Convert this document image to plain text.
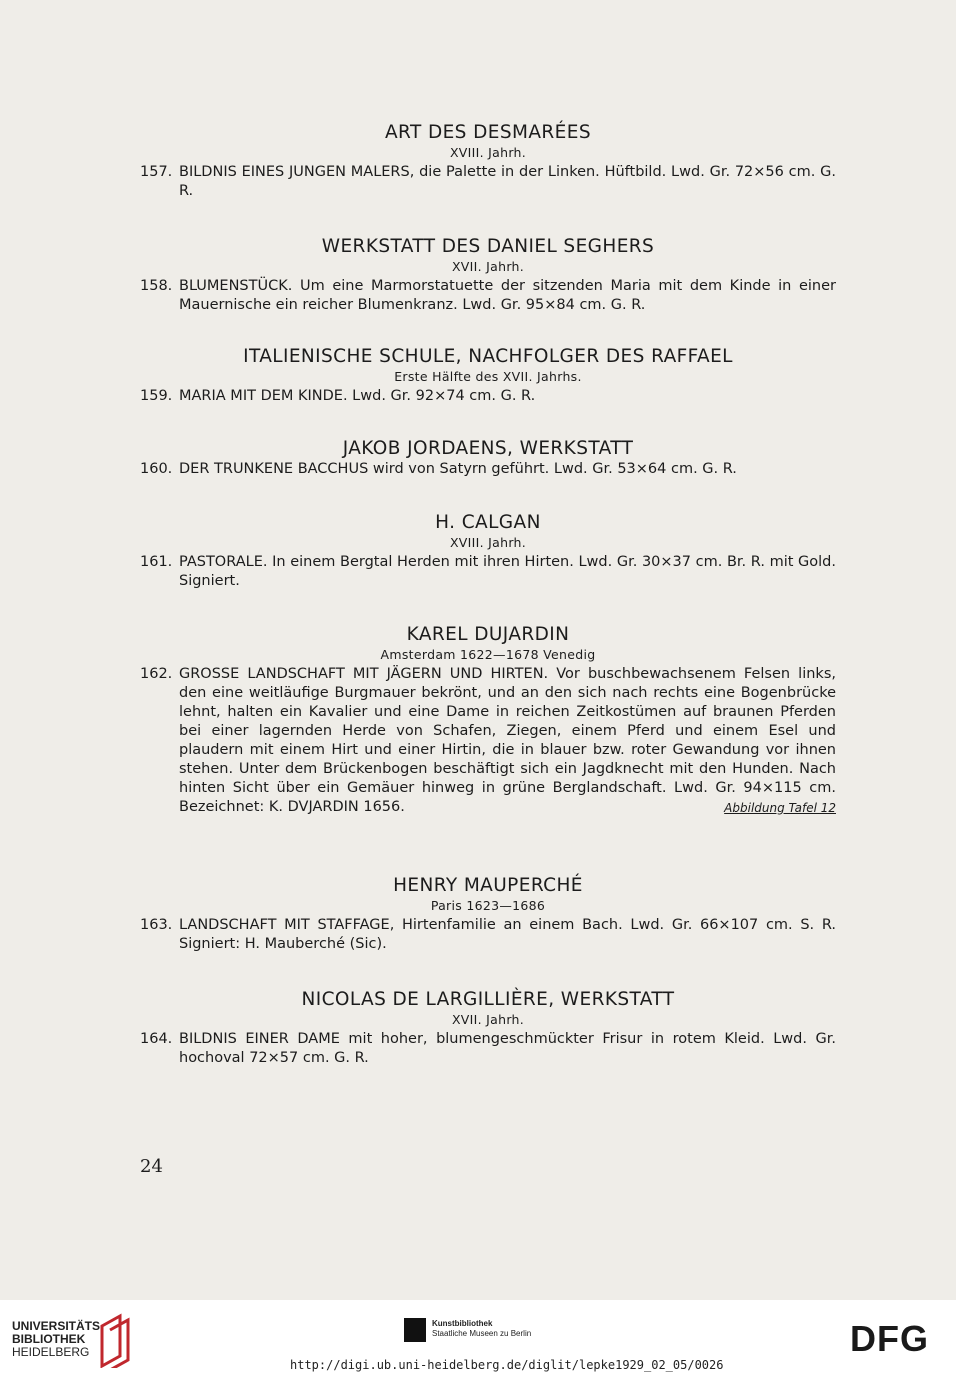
ART DES DESMARÉES

XVIII. Jahrh.

157. BILDNIS EINES JUNGEN MALERS, die Palette in der Linken. Hüftbild. Lwd. Gr. 72×56 cm. G. R.

WERKSTATT DES DANIEL SEGHERS

XVII. Jahrh.

158. BLUMENSTÜCK. Um eine Marmorstatuette der sitzenden Maria mit dem Kinde in einer Mauernische ein reicher Blumenkranz. Lwd. Gr. 95×84 cm. G. R.

ITALIENISCHE SCHULE, NACHFOLGER DES RAFFAEL

Erste Hälfte des XVII. Jahrhs.

159. MARIA MIT DEM KINDE. Lwd. Gr. 92×74 cm. G. R.

JAKOB JORDAENS, WERKSTATT

160. DER TRUNKENE BACCHUS wird von Satyrn geführt. Lwd. Gr. 53×64 cm. G. R.

H. CALGAN

XVIII. Jahrh.

161. PASTORALE. In einem Bergtal Herden mit ihren Hirten. Lwd. Gr. 30×37 cm. Br. R. mit Gold. Signiert.

KAREL DUJARDIN

Amsterdam 1622—1678 Venedig

162. GROSSE LANDSCHAFT MIT JÄGERN UND HIRTEN. Vor buschbewachsenem Felsen links, den eine weitläufige Burgmauer bekrönt, und an den sich nach rechts eine Bogenbrücke lehnt, halten ein Kavalier und eine Dame in reichen Zeitkostümen auf braunen Pferden bei einer lagernden Herde von Schafen, Ziegen, einem Pferd und einem Esel und plaudern mit einem Hirt und einer Hirtin, die in blauer bzw. roter Gewandung vor ihnen stehen. Unter dem Brückenbogen beschäftigt sich ein Jagdknecht mit den Hunden. Nach hinten Sicht über ein Gemäuer hinweg in grüne Berglandschaft. Lwd. Gr. 94×115 cm. Bezeichnet: K. DVJARDIN 1656.	Abbildung Tafel 12

HENRY MAUPERCHÉ

Paris 1623—1686

163. LANDSCHAFT MIT STAFFAGE, Hirtenfamilie an einem Bach. Lwd. Gr. 66×107 cm. S. R. Signiert: H. Mauberché (Sic).

NICOLAS DE LARGILLIÈRE, WERKSTATT

XVII. Jahrh.

164. BILDNIS EINER DAME mit hoher, blumengeschmückter Frisur in rotem Kleid. Lwd. Gr. hochoval 72×57 cm. G. R.

24
UNIVERSITÄTS-
BIBLIOTHEK
HEIDELBERG
Kunstbibliothek
Staatliche Museen zu Berlin	DFG
http://digi.ub.uni-heidelberg.de/diglit/lepke1929_02_05/0026
